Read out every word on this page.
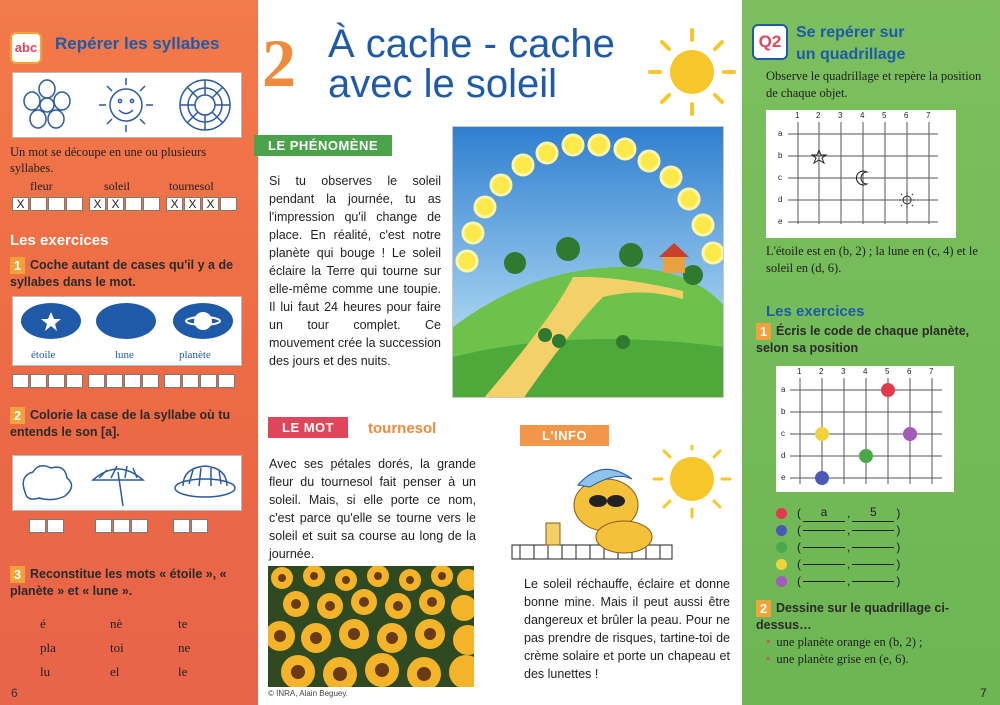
abc Repérer les syllabes
Un mot se découpe en une ou plusieurs syllabes.
fleur	soleil	tournesol
X	X X	X X X
Les exercices
1 Coche autant de cases qu'il y a de syllabes dans le mot.
étoile	lune	planète
2 Colorie la case de la syllabe où tu entends le son [a].
3 Reconstitue les mots « étoile », « planète » et « lune ».
é	nè	te
pla	toi	ne
lu	el	le
6
2 À cache - cache
avec le soleil
LE PHÉNOMÈNE
Si tu observes le soleil pendant la journée, tu as l'impression qu'il change de place. En réalité, c'est notre planète qui bouge ! Le soleil éclaire la Terre qui tourne sur elle-même comme une toupie. Il lui faut 24 heures pour faire un tour complet. Ce mouvement crée la succession des jours et des nuits.
LE MOT	tournesol
Avec ses pétales dorés, la grande fleur du tournesol fait penser à un soleil. Mais, si elle porte ce nom, c'est parce qu'elle se tourne vers le soleil et suit sa course au long de la journée.
© INRA, Alain Beguey.
L'INFO
Le soleil réchauffe, éclaire et donne bonne mine. Mais il peut aussi être dangereux et brûler la peau. Pour ne pas prendre de risques, tartine-toi de crème solaire et porte un chapeau et des lunettes !
Q2 Se repérer sur
un quadrillage
Observe le quadrillage et repère la position de chaque objet.
1 2 3 4 5 6 7
a
b
c
d
e
L'étoile est en (b, 2) ; la lune en (c, 4) et le soleil en (d, 6).
Les exercices
1 Écris le code de chaque planète, selon sa position
1 2 3 4 5 6 7
a
b
c
d
e
(	a	,	5	)
(	,	)
(	,	)
(	,	)
(	,	)
2 Dessine sur le quadrillage ci-dessus…
• une planète orange en (b, 2) ;
• une planète grise en (e, 6).
7
